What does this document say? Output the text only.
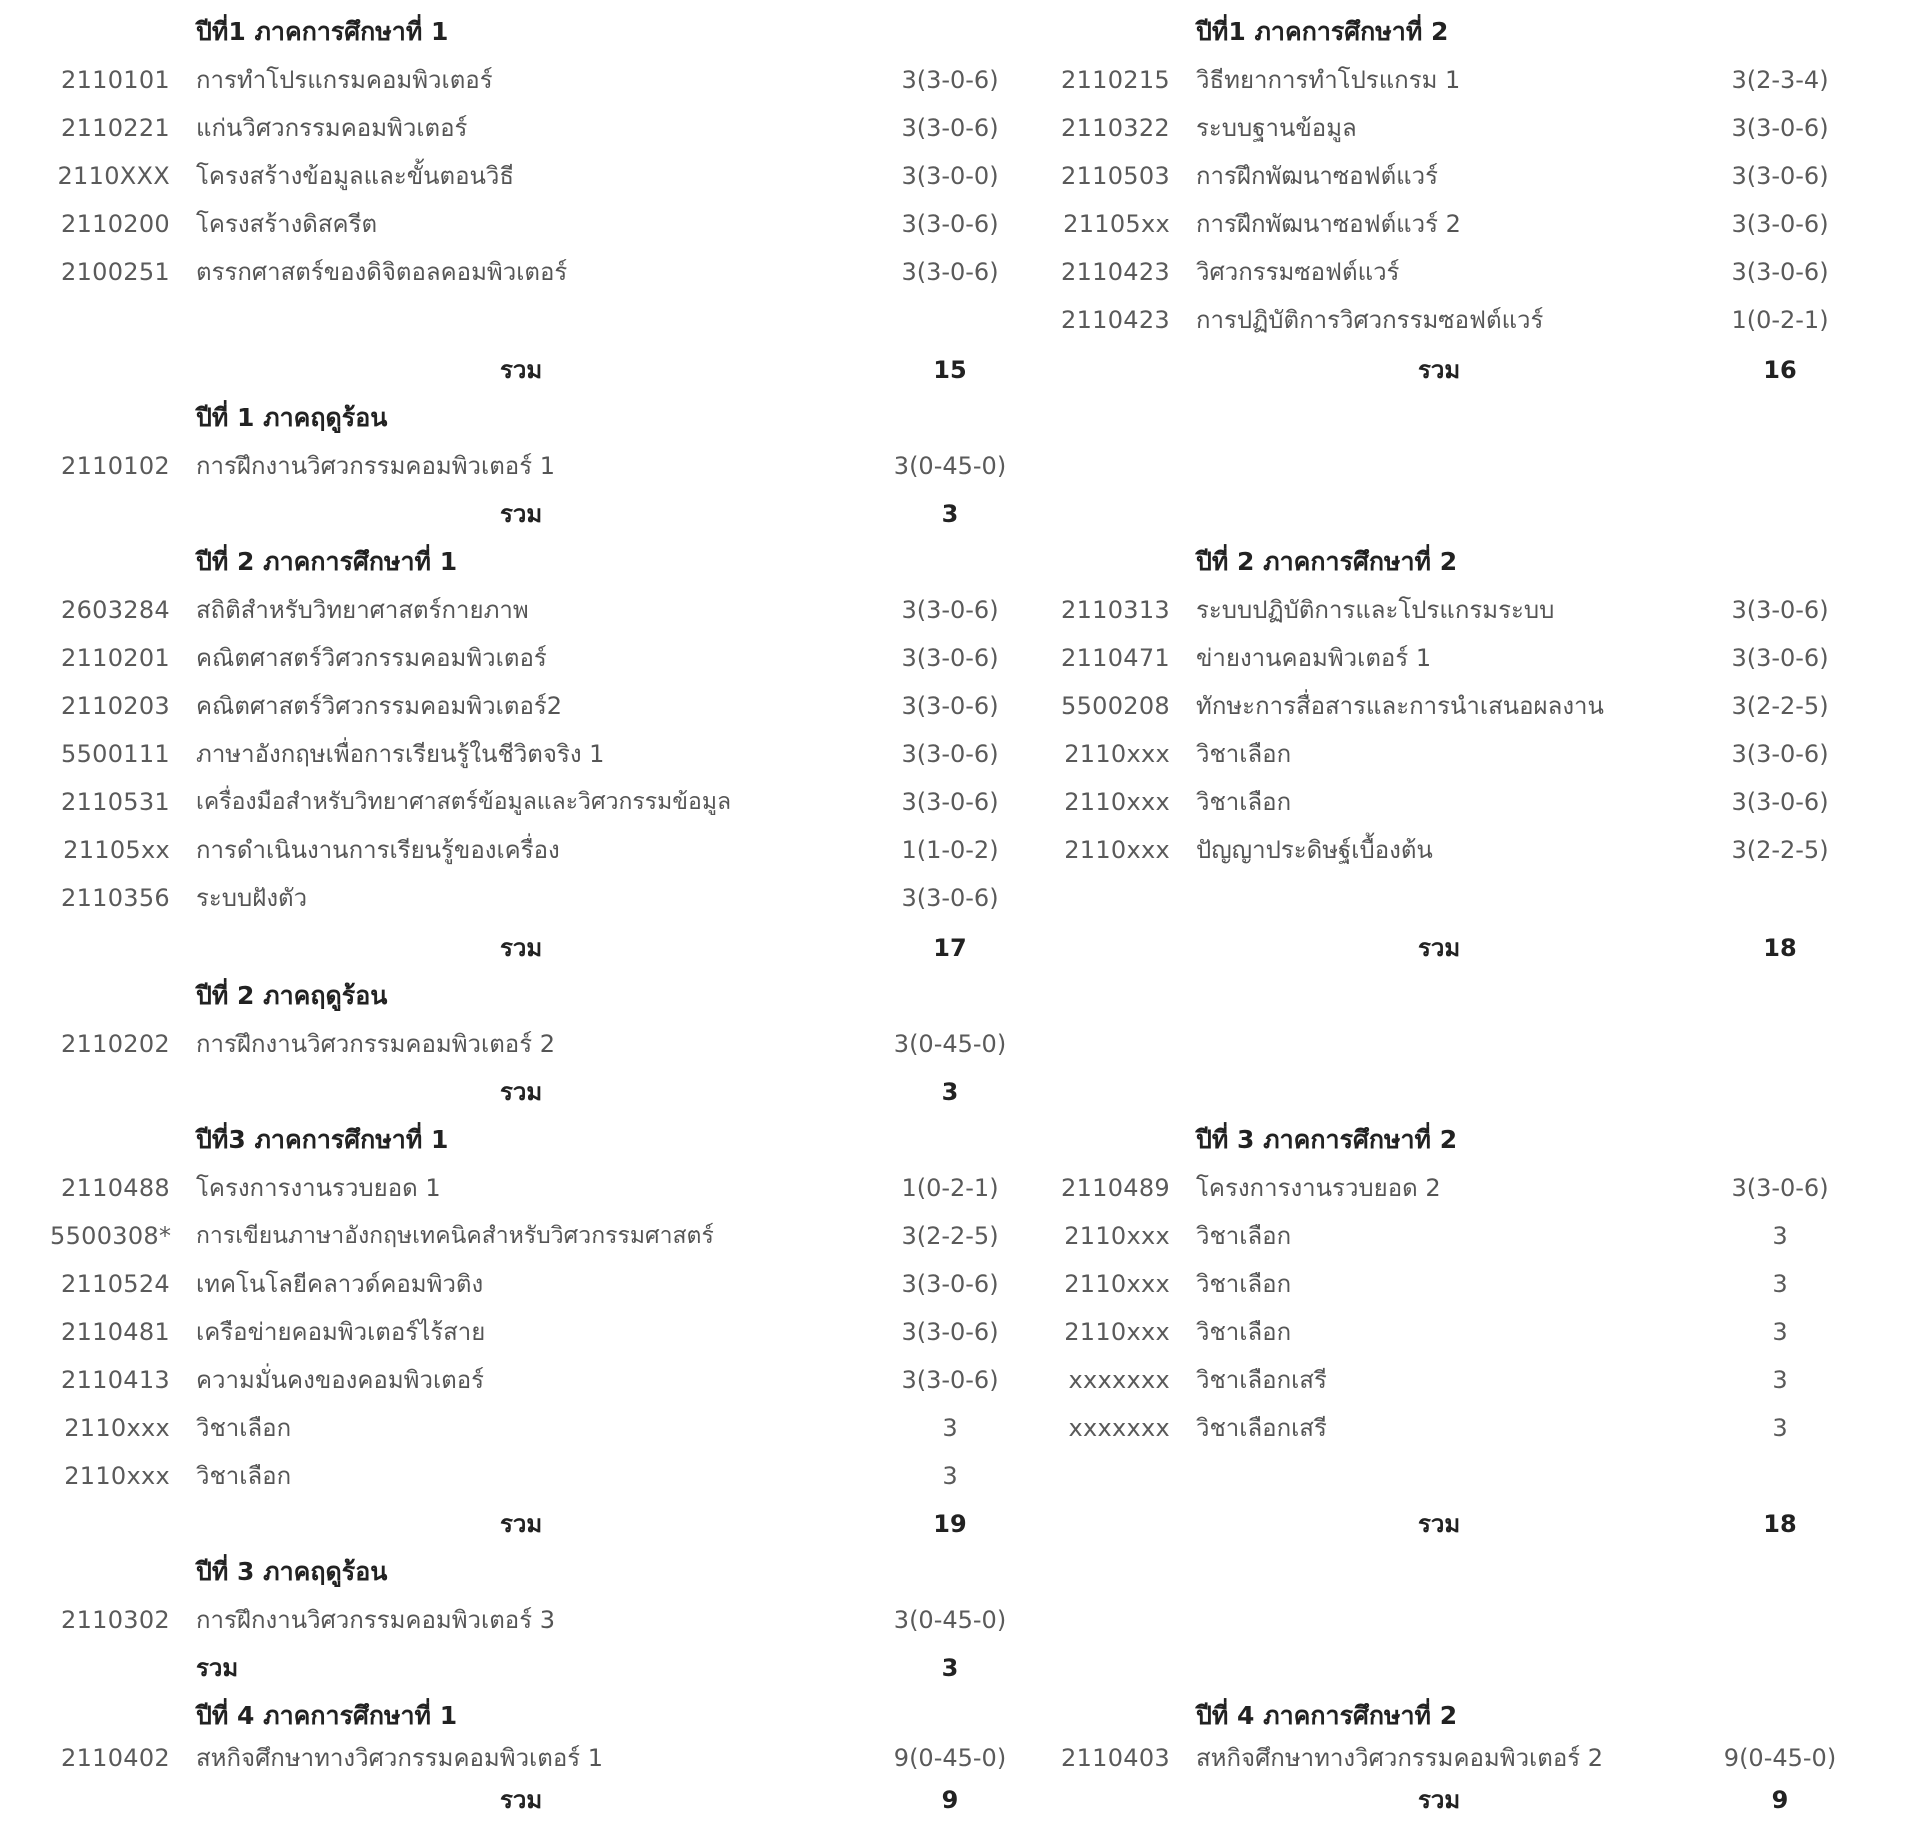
ปีที่1 ภาคการศึกษาที่ 1
2110101 การทำโปรแกรมคอมพิวเตอร์	3(3-0-6)
2110221 แก่นวิศวกรรมคอมพิวเตอร์	3(3-0-6)
2110XXX โครงสร้างข้อมูลและขั้นตอนวิธี	3(3-0-0)
2110200 โครงสร้างดิสครีต	3(3-0-6)
2100251 ตรรกศาสตร์ของดิจิตอลคอมพิวเตอร์	3(3-0-6)
รวม	15
ปีที่1 ภาคการศึกษาที่ 2
2110215 วิธีทยาการทำโปรแกรม 1	3(2-3-4)
2110322 ระบบฐานข้อมูล	3(3-0-6)
2110503 การฝึกพัฒนาซอฟต์แวร์	3(3-0-6)
21105xx การฝึกพัฒนาซอฟต์แวร์ 2	3(3-0-6)
2110423 วิศวกรรมซอฟต์แวร์	3(3-0-6)
2110423 การปฏิบัติการวิศวกรรมซอฟต์แวร์	1(0-2-1)
รวม	16
ปีที่ 1 ภาคฤดูร้อน
2110102 การฝึกงานวิศวกรรมคอมพิวเตอร์ 1	3(0-45-0)
รวม	3
ปีที่ 2 ภาคการศึกษาที่ 1
2603284 สถิติสำหรับวิทยาศาสตร์กายภาพ	3(3-0-6)
2110201 คณิตศาสตร์วิศวกรรมคอมพิวเตอร์	3(3-0-6)
2110203 คณิตศาสตร์วิศวกรรมคอมพิวเตอร์2	3(3-0-6)
5500111 ภาษาอังกฤษเพื่อการเรียนรู้ในชีวิตจริง 1	3(3-0-6)
2110531 เครื่องมือสำหรับวิทยาศาสตร์ข้อมูลและวิศวกรรมข้อมูล	3(3-0-6)
21105xx การดำเนินงานการเรียนรู้ของเครื่อง	1(1-0-2)
2110356 ระบบฝังตัว	3(3-0-6)
รวม	17
ปีที่ 2 ภาคการศึกษาที่ 2
2110313 ระบบปฏิบัติการและโปรแกรมระบบ	3(3-0-6)
2110471 ข่ายงานคอมพิวเตอร์ 1	3(3-0-6)
5500208 ทักษะการสื่อสารและการนำเสนอผลงาน	3(2-2-5)
2110xxx วิชาเลือก	3(3-0-6)
2110xxx วิชาเลือก	3(3-0-6)
2110xxx ปัญญาประดิษฐ์เบื้องต้น	3(2-2-5)
รวม	18
ปีที่ 2 ภาคฤดูร้อน
2110202 การฝึกงานวิศวกรรมคอมพิวเตอร์ 2	3(0-45-0)
รวม	3
ปีที่3 ภาคการศึกษาที่ 1
2110488 โครงการงานรวบยอด 1	1(0-2-1)
5500308* การเขียนภาษาอังกฤษเทคนิคสำหรับวิศวกรรมศาสตร์	3(2-2-5)
2110524 เทคโนโลยีคลาวด์คอมพิวติง	3(3-0-6)
2110481 เครือข่ายคอมพิวเตอร์ไร้สาย	3(3-0-6)
2110413 ความมั่นคงของคอมพิวเตอร์	3(3-0-6)
2110xxx วิชาเลือก	3
2110xxx วิชาเลือก	3
รวม	19
ปีที่ 3 ภาคการศึกษาที่ 2
2110489 โครงการงานรวบยอด 2	3(3-0-6)
2110xxx วิชาเลือก	3
2110xxx วิชาเลือก	3
2110xxx วิชาเลือก	3
xxxxxxx วิชาเลือกเสรี	3
xxxxxxx วิชาเลือกเสรี	3
รวม	18
ปีที่ 3 ภาคฤดูร้อน
2110302 การฝึกงานวิศวกรรมคอมพิวเตอร์ 3	3(0-45-0)
รวม	3
ปีที่ 4 ภาคการศึกษาที่ 1
2110402 สหกิจศึกษาทางวิศวกรรมคอมพิวเตอร์ 1	9(0-45-0)
รวม	9
ปีที่ 4 ภาคการศึกษาที่ 2
2110403 สหกิจศึกษาทางวิศวกรรมคอมพิวเตอร์ 2	9(0-45-0)
รวม	9
